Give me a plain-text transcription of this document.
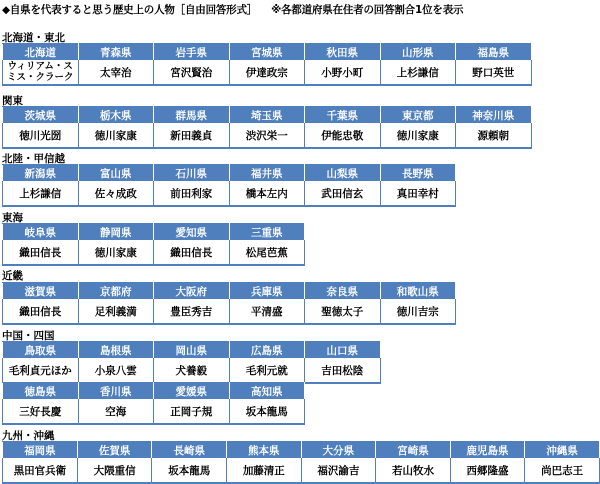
◆自県を代表すると思う歴史上の人物［自由回答形式］ ※各都道府県在住者の回答割合1位を表示
北海道・東北
北海道	青森県	岩手県	宮城県	秋田県	山形県	福島県
ウィリアム・スミス・クラーク	太宰治	宮沢賢治	伊達政宗	小野小町	上杉謙信	野口英世
関東
茨城県	栃木県	群馬県	埼玉県	千葉県	東京都	神奈川県
徳川光圀	徳川家康	新田義貞	渋沢栄一	伊能忠敬	徳川家康	源頼朝
北陸・甲信越
新潟県	富山県	石川県	福井県	山梨県	長野県
上杉謙信	佐々成政	前田利家	橋本左内	武田信玄	真田幸村
東海
岐阜県	静岡県	愛知県	三重県
織田信長	徳川家康	織田信長	松尾芭蕉
近畿
滋賀県	京都府	大阪府	兵庫県	奈良県	和歌山県
織田信長	足利義満	豊臣秀吉	平清盛	聖徳太子	徳川吉宗
中国・四国
鳥取県	島根県	岡山県	広島県	山口県
毛利貞元ほか	小泉八雲	犬養毅	毛利元就	吉田松陰
徳島県	香川県	愛媛県	高知県
三好長慶	空海	正岡子規	坂本龍馬
九州・沖縄
福岡県	佐賀県	長崎県	熊本県	大分県	宮崎県	鹿児島県	沖縄県
黒田官兵衛	大隈重信	坂本龍馬	加藤清正	福沢諭吉	若山牧水	西郷隆盛	尚巴志王
